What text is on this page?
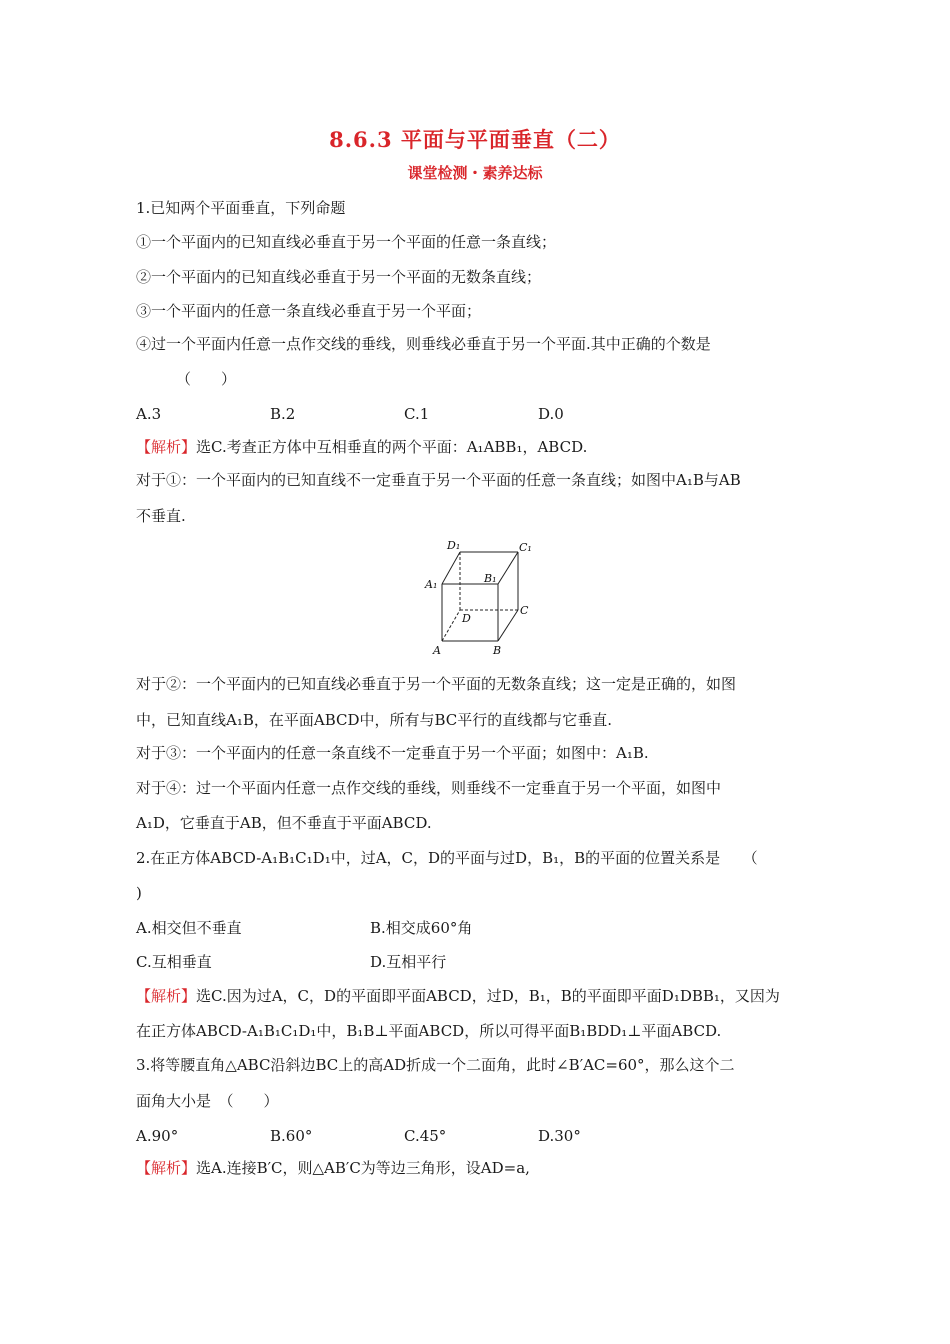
8.6.3 平面与平面垂直（二）
课堂检测・素养达标
1.已知两个平面垂直，下列命题
①一个平面内的已知直线必垂直于另一个平面的任意一条直线；
②一个平面内的已知直线必垂直于另一个平面的无数条直线；
③一个平面内的任意一条直线必垂直于另一个平面；
④过一个平面内任意一点作交线的垂线，则垂线必垂直于另一个平面.其中正确的个数是
（　　）
A.3	B.2	C.1	D.0
【解析】选C.考查正方体中互相垂直的两个平面：A₁ABB₁，ABCD.
对于①：一个平面内的已知直线不一定垂直于另一个平面的任意一条直线；如图中A₁B与AB
不垂直.
D₁	C₁
A₁	B₁
C
D
A	B
对于②：一个平面内的已知直线必垂直于另一个平面的无数条直线；这一定是正确的，如图
中，已知直线A₁B，在平面ABCD中，所有与BC平行的直线都与它垂直.
对于③：一个平面内的任意一条直线不一定垂直于另一个平面；如图中：A₁B.
对于④：过一个平面内任意一点作交线的垂线，则垂线不一定垂直于另一个平面，如图中
A₁D，它垂直于AB，但不垂直于平面ABCD.
2.在正方体ABCD-A₁B₁C₁D₁中，过A，C，D的平面与过D，B₁，B的平面的位置关系是　　（
)
A.相交但不垂直	B.相交成60°角
C.互相垂直	D.互相平行
【解析】选C.因为过A，C，D的平面即平面ABCD，过D，B₁，B的平面即平面D₁DBB₁，又因为
在正方体ABCD-A₁B₁C₁D₁中，B₁B⊥平面ABCD，所以可得平面B₁BDD₁⊥平面ABCD.
3.将等腰直角△ABC沿斜边BC上的高AD折成一个二面角，此时∠B′AC=60°，那么这个二
面角大小是　（　　）
A.90°	B.60°	C.45°	D.30°
【解析】选A.连接B′C，则△AB′C为等边三角形，设AD=a,
